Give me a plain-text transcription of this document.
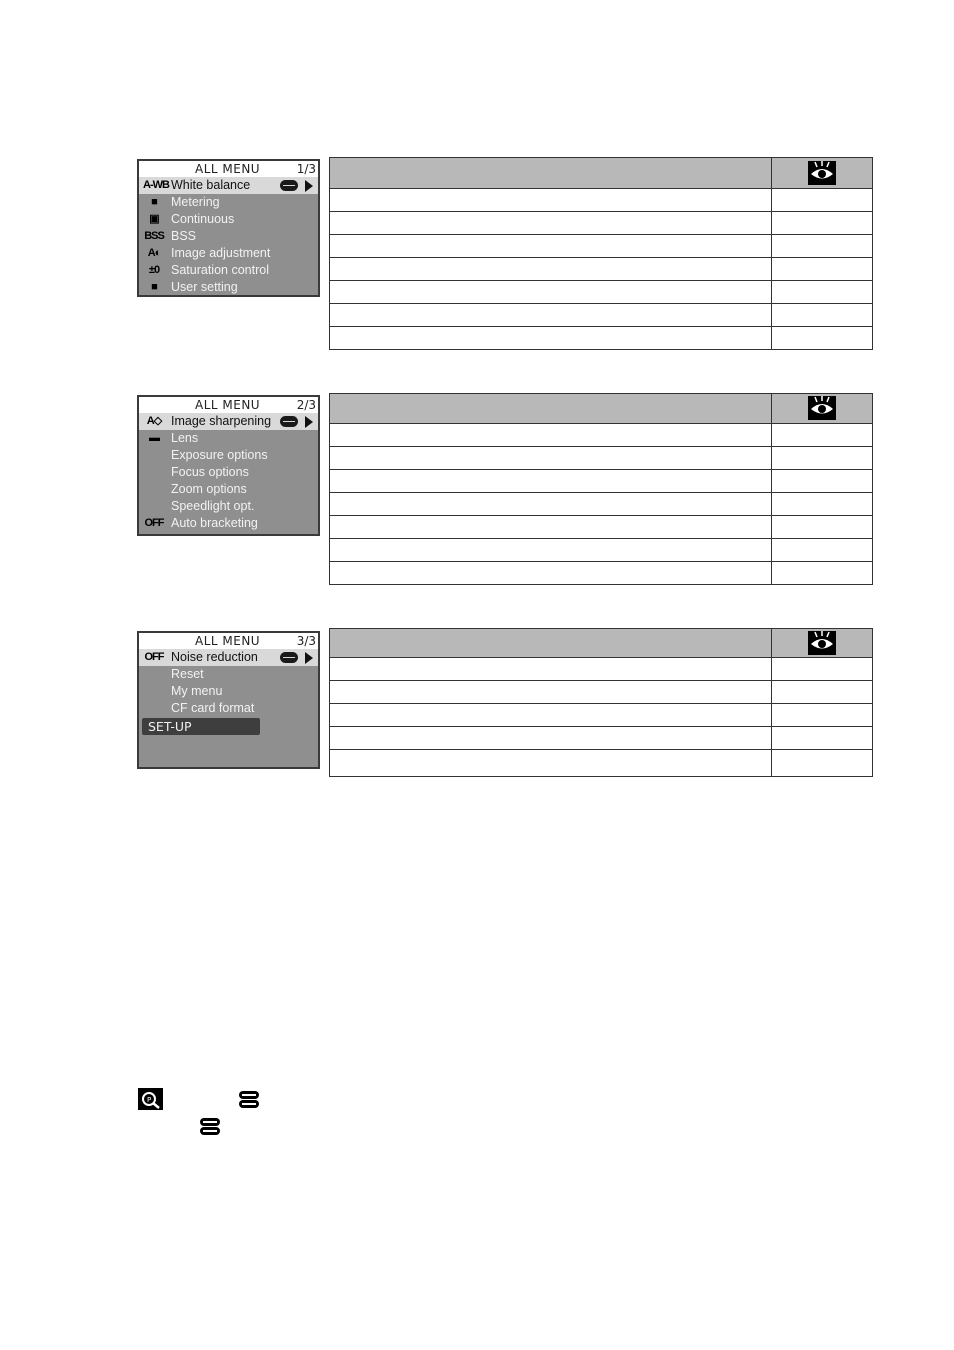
ALL MENU	1/3
A-WB White balance
■	Metering
▣ Continuous
BSS BSS
A◐ Image adjustment
±0 Saturation control
■	User setting
ALL MENU	2/3
A◇ Image sharpening
▬ Lens
Exposure options
Focus options
Zoom options
Speedlight opt.
OFF Auto bracketing
ALL MENU	3/3
OFF Noise reduction
Reset
My menu
CF card format
SET-UP
P
